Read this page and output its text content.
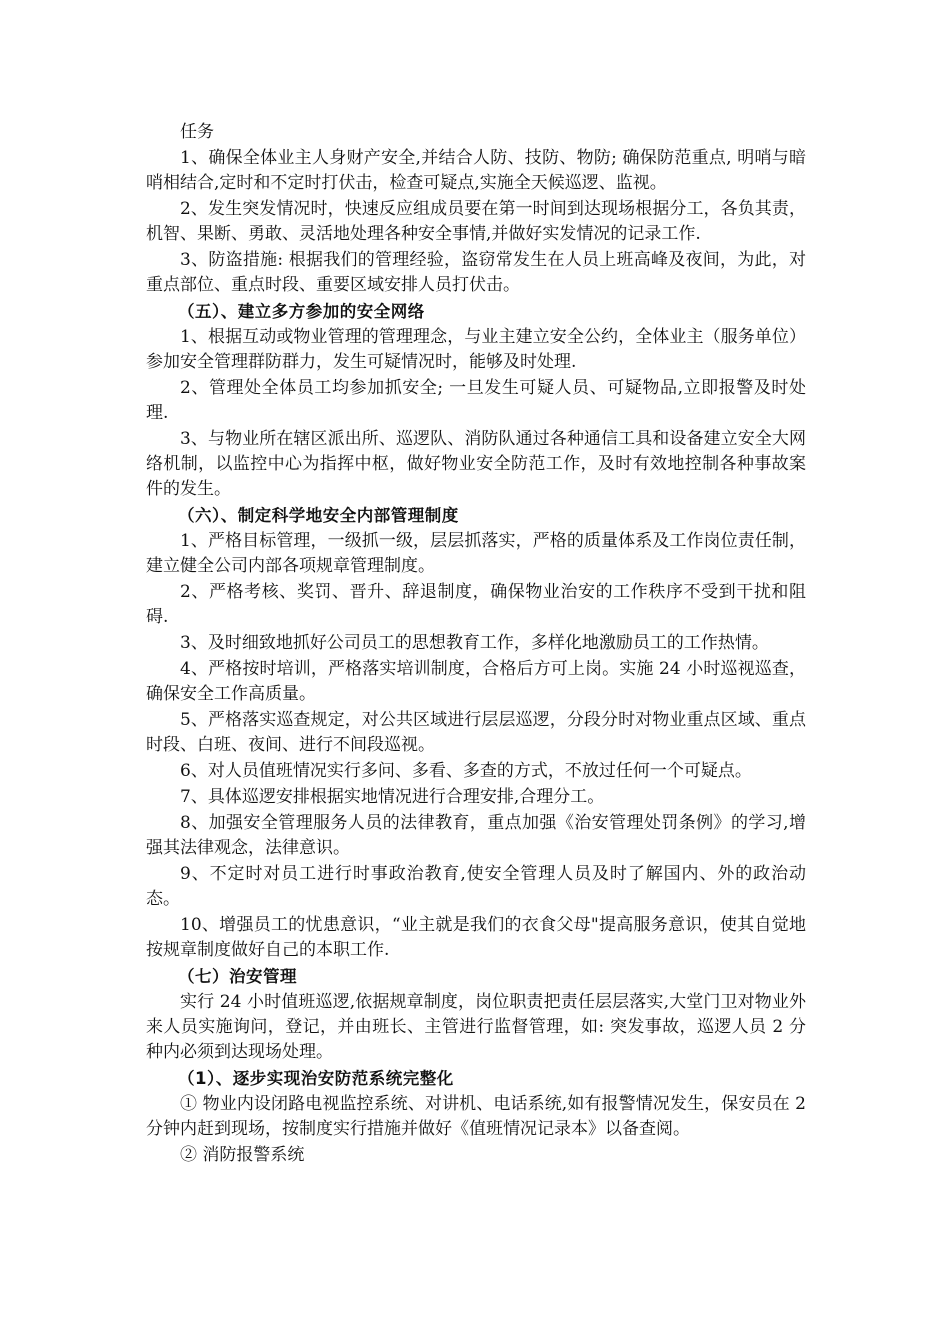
任务

1、确保全体业主人身财产安全,并结合人防、技防、物防; 确保防范重点, 明哨与暗哨相结合,定时和不定时打伏击，检查可疑点,实施全天候巡逻、监视。

2、发生突发情况时，快速反应组成员要在第一时间到达现场根据分工，各负其责，机智、果断、勇敢、灵活地处理各种安全事情,并做好实发情况的记录工作.

3、防盗措施: 根据我们的管理经验，盗窃常发生在人员上班高峰及夜间，为此，对重点部位、重点时段、重要区域安排人员打伏击。

（五）、建立多方参加的安全网络

1、根据互动或物业管理的管理理念，与业主建立安全公约，全体业主（服务单位）参加安全管理群防群力，发生可疑情况时，能够及时处理.

2、管理处全体员工均参加抓安全; 一旦发生可疑人员、可疑物品,立即报警及时处理.

3、与物业所在辖区派出所、巡逻队、消防队通过各种通信工具和设备建立安全大网络机制，以监控中心为指挥中枢，做好物业安全防范工作，及时有效地控制各种事故案件的发生。

（六）、制定科学地安全内部管理制度

1、严格目标管理，一级抓一级，层层抓落实，严格的质量体系及工作岗位责任制，建立健全公司内部各项规章管理制度。

2、严格考核、奖罚、晋升、辞退制度，确保物业治安的工作秩序不受到干扰和阻碍.

3、及时细致地抓好公司员工的思想教育工作，多样化地激励员工的工作热情。

4、严格按时培训，严格落实培训制度，合格后方可上岗。实施 24 小时巡视巡查，确保安全工作高质量。

5、严格落实巡查规定，对公共区域进行层层巡逻，分段分时对物业重点区域、重点时段、白班、夜间、进行不间段巡视。

6、对人员值班情况实行多问、多看、多查的方式，不放过任何一个可疑点。

7、具体巡逻安排根据实地情况进行合理安排,合理分工。

8、加强安全管理服务人员的法律教育，重点加强《治安管理处罚条例》的学习,增强其法律观念，法律意识。

9、不定时对员工进行时事政治教育,使安全管理人员及时了解国内、外的政治动态。

10、增强员工的忧患意识，“业主就是我们的衣食父母"提高服务意识，使其自觉地按规章制度做好自己的本职工作.

（七）治安管理

实行 24 小时值班巡逻,依据规章制度，岗位职责把责任层层落实,大堂门卫对物业外来人员实施询问，登记，并由班长、主管进行监督管理，如: 突发事故，巡逻人员 2 分种内必须到达现场处理。

（1）、逐步实现治安防范系统完整化

① 物业内设闭路电视监控系统、对讲机、电话系统,如有报警情况发生，保安员在 2 分钟内赶到现场，按制度实行措施并做好《值班情况记录本》以备查阅。

② 消防报警系统
